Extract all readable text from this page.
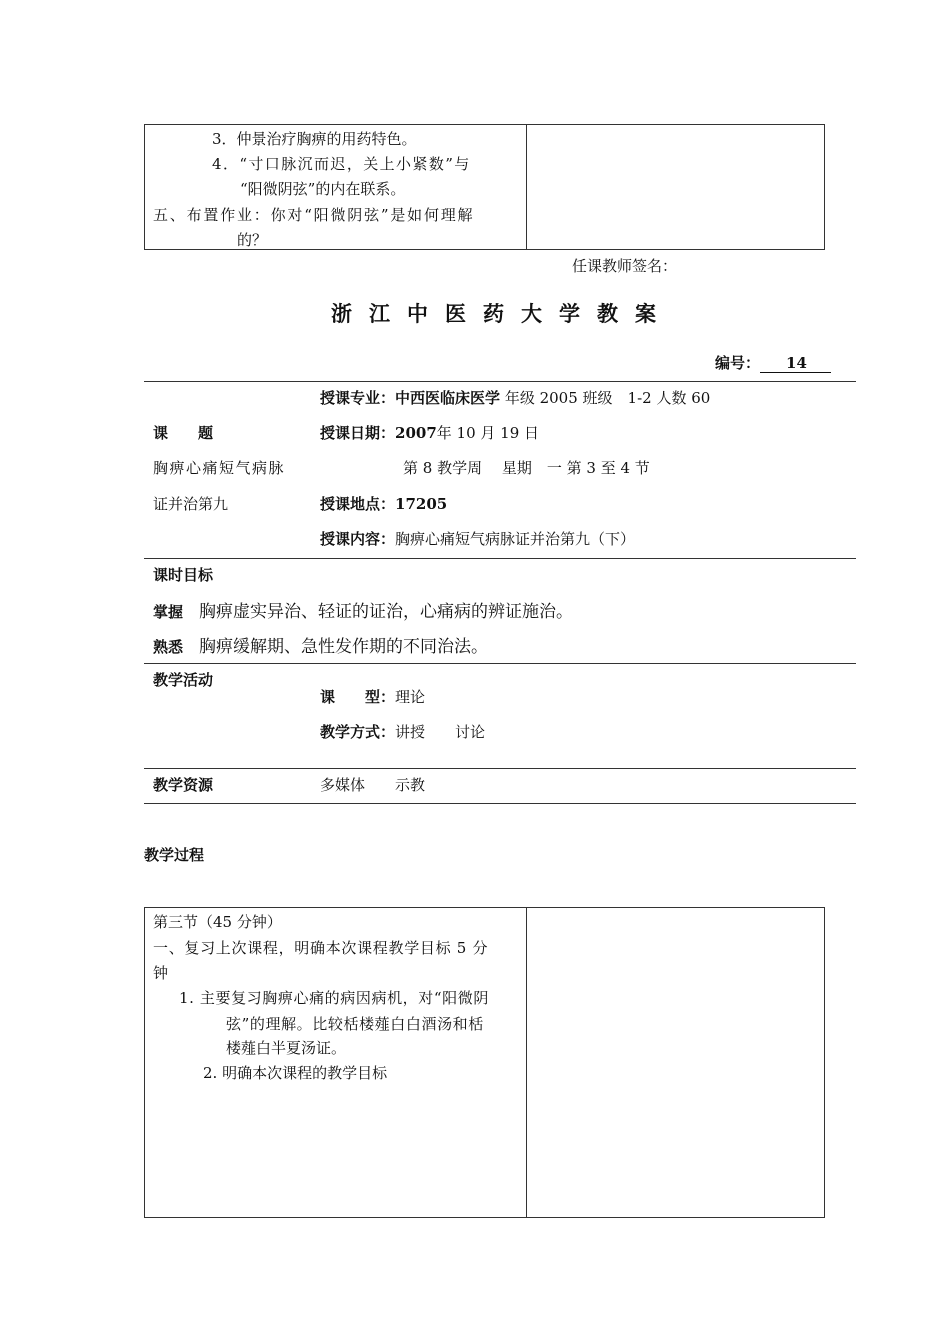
3．仲景治疗胸痹的用药特色。
4．“寸口脉沉而迟，关上小紧数”与
“阳微阴弦”的内在联系。
五、布置作业：你对“阳微阴弦”是如何理解
的？
任课教师签名：
浙江中医药大学教案
编号： 14
授课专业：中西医临床医学 年级 2005 班级　1-2 人数 60
课　　题	授课日期：2007年 10 月 19 日
胸痹心痛短气病脉	第 8 教学周　 星期　一 第 3 至 4 节
证并治第九	授课地点：17205
授课内容：胸痹心痛短气病脉证并治第九（下）
课时目标
掌握 胸痹虚实异治、轻证的证治，心痛病的辨证施治。
熟悉 胸痹缓解期、急性发作期的不同治法。
教学活动
课　　型：理论
教学方式：讲授　　讨论
教学资源	多媒体　　示教
教学过程
第三节（45 分钟）
一、复习上次课程，明确本次课程教学目标 5 分
钟
1. 主要复习胸痹心痛的病因病机，对“阳微阴
弦”的理解。比较栝楼薤白白酒汤和栝
楼薤白半夏汤证。
2. 明确本次课程的教学目标
